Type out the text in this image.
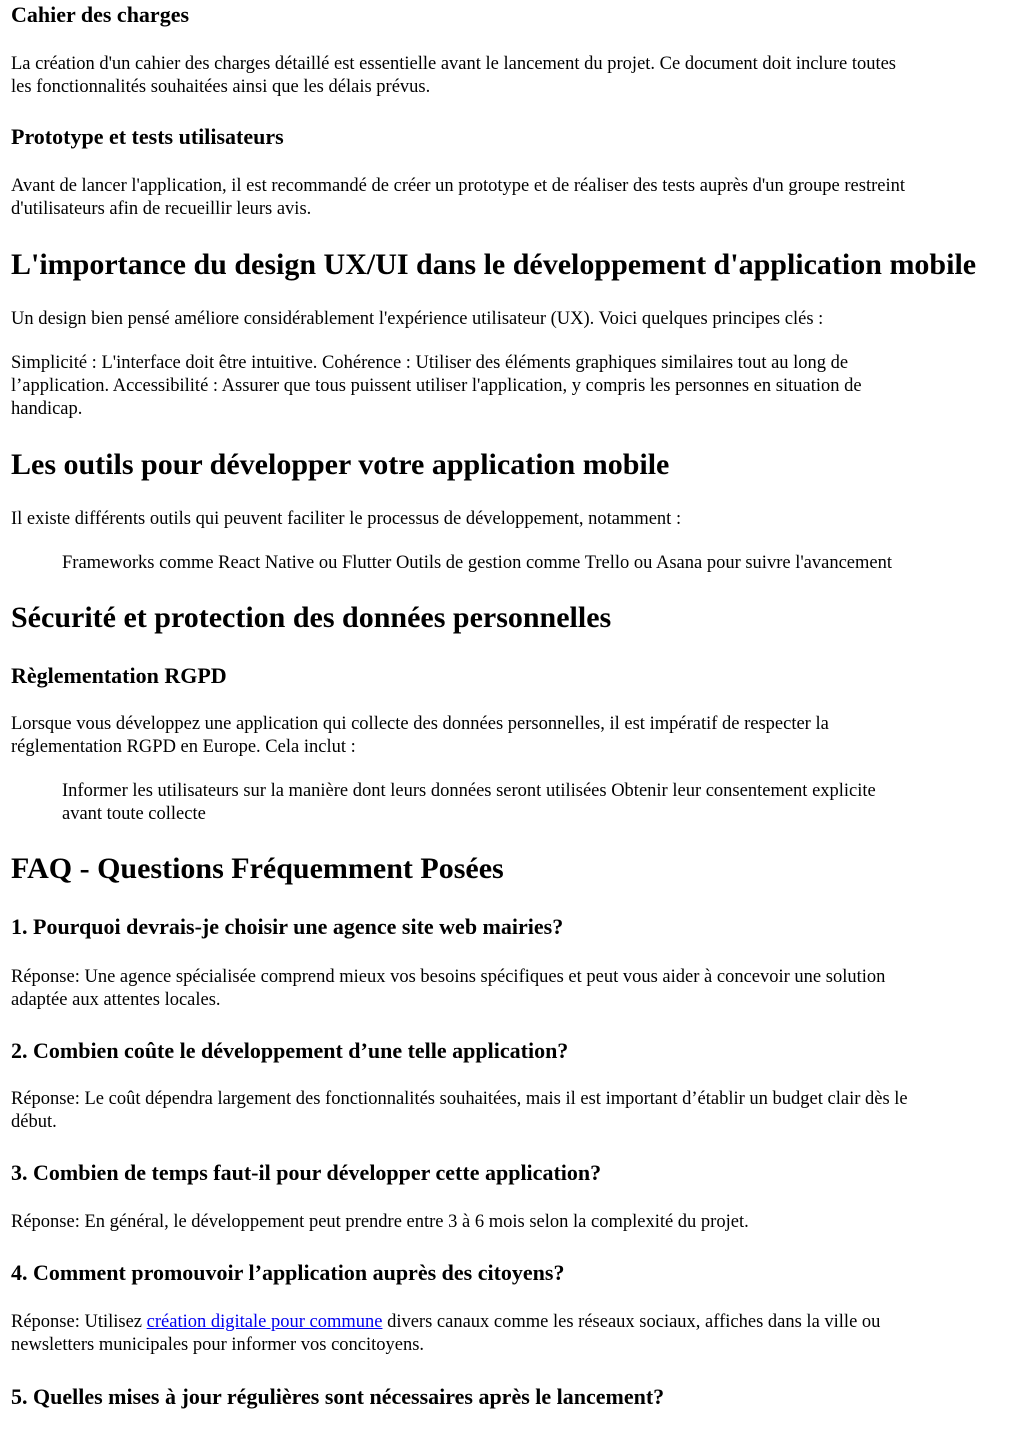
Cahier des charges
La création d'un cahier des charges détaillé est essentielle avant le lancement du projet. Ce document doit inclure toutes
les fonctionnalités souhaitées ainsi que les délais prévus.
Prototype et tests utilisateurs
Avant de lancer l'application, il est recommandé de créer un prototype et de réaliser des tests auprès d'un groupe restreint
d'utilisateurs afin de recueillir leurs avis.
L'importance du design UX/UI dans le développement d'application mobile
Un design bien pensé améliore considérablement l'expérience utilisateur (UX). Voici quelques principes clés :
Simplicité : L'interface doit être intuitive. Cohérence : Utiliser des éléments graphiques similaires tout au long de
l’application. Accessibilité : Assurer que tous puissent utiliser l'application, y compris les personnes en situation de
handicap.
Les outils pour développer votre application mobile
Il existe différents outils qui peuvent faciliter le processus de développement, notamment :
Frameworks comme React Native ou Flutter Outils de gestion comme Trello ou Asana pour suivre l'avancement
Sécurité et protection des données personnelles
Règlementation RGPD
Lorsque vous développez une application qui collecte des données personnelles, il est impératif de respecter la
réglementation RGPD en Europe. Cela inclut :
Informer les utilisateurs sur la manière dont leurs données seront utilisées Obtenir leur consentement explicite
avant toute collecte
FAQ - Questions Fréquemment Posées
1. Pourquoi devrais-je choisir une agence site web mairies?
Réponse: Une agence spécialisée comprend mieux vos besoins spécifiques et peut vous aider à concevoir une solution
adaptée aux attentes locales.
2. Combien coûte le développement d’une telle application?
Réponse: Le coût dépendra largement des fonctionnalités souhaitées, mais il est important d’établir un budget clair dès le
début.
3. Combien de temps faut-il pour développer cette application?
Réponse: En général, le développement peut prendre entre 3 à 6 mois selon la complexité du projet.
4. Comment promouvoir l’application auprès des citoyens?
Réponse: Utilisez création digitale pour commune divers canaux comme les réseaux sociaux, affiches dans la ville ou
newsletters municipales pour informer vos concitoyens.
5. Quelles mises à jour régulières sont nécessaires après le lancement?
